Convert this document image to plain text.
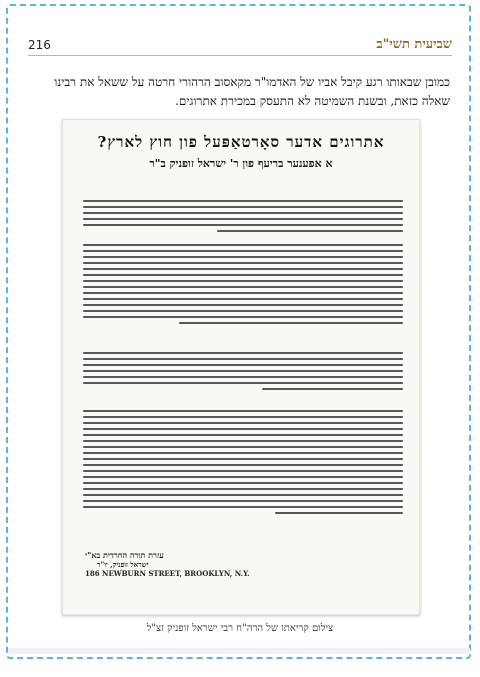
216	שביעית תשי"ב
כמובן שבאותו רגע קיבל אביו של האדמו"ר מקאסוב הרהורי חרטה על ששאל את רבינו שאלה כזאת, ובשנת השמיטה לא התעסק במכירת אתרוגים.
אתרוגים אדער סאָרטאַפּעל פון חוץ לארץ?
א אפענער בריעף פון ר' ישראל זופניק ב"ר
עזרת תורה החרדית בא"י
ישראל זופניק, יו"ר
186 NEWBURN STREET, BROOKLYN, N.Y.
צילום קריאתו של הרה"ח רבי ישראל זופניק זצ"ל
